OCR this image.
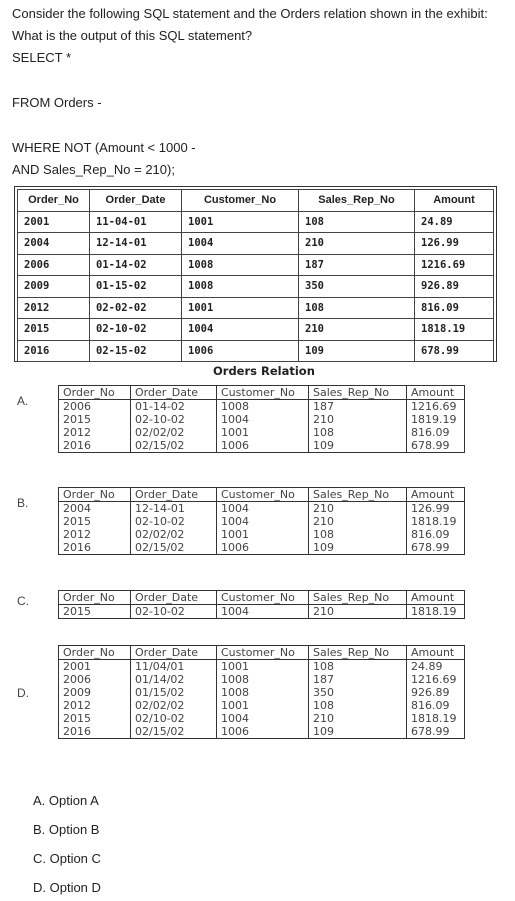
Consider the following SQL statement and the Orders relation shown in the exhibit:
What is the output of this SQL statement?
SELECT *
FROM Orders -
WHERE NOT (Amount < 1000 -
AND Sales_Rep_No = 210);
Order_No	Order_Date	Customer_No	Sales_Rep_No	Amount
2001	11-04-01	1001	108	24.89
2004	12-14-01	1004	210	126.99
2006	01-14-02	1008	187	1216.69
2009	01-15-02	1008	350	926.89
2012	02-02-02	1001	108	816.09
2015	02-10-02	1004	210	1818.19
2016	02-15-02	1006	109	678.99
Orders Relation
A.
B.
C.
D.
Order_No	Order_Date	Customer_No	Sales_Rep_No	Amount
2006	01-14-02	1008	187	1216.69
2015	02-10-02	1004	210	1819.19
2012	02/02/02	1001	108	816.09
2016	02/15/02	1006	109	678.99
Order_No	Order_Date	Customer_No	Sales_Rep_No	Amount
2004	12-14-01	1004	210	126.99
2015	02-10-02	1004	210	1818.19
2012	02/02/02	1001	108	816.09
2016	02/15/02	1006	109	678.99
Order_No	Order_Date	Customer_No	Sales_Rep_No	Amount
2015	02-10-02	1004	210	1818.19
Order_No	Order_Date	Customer_No	Sales_Rep_No	Amount
2001	11/04/01	1001	108	24.89
2006	01/14/02	1008	187	1216.69
2009	01/15/02	1008	350	926.89
2012	02/02/02	1001	108	816.09
2015	02/10-02	1004	210	1818.19
2016	02/15/02	1006	109	678.99
A. Option A
B. Option B
C. Option C
D. Option D
